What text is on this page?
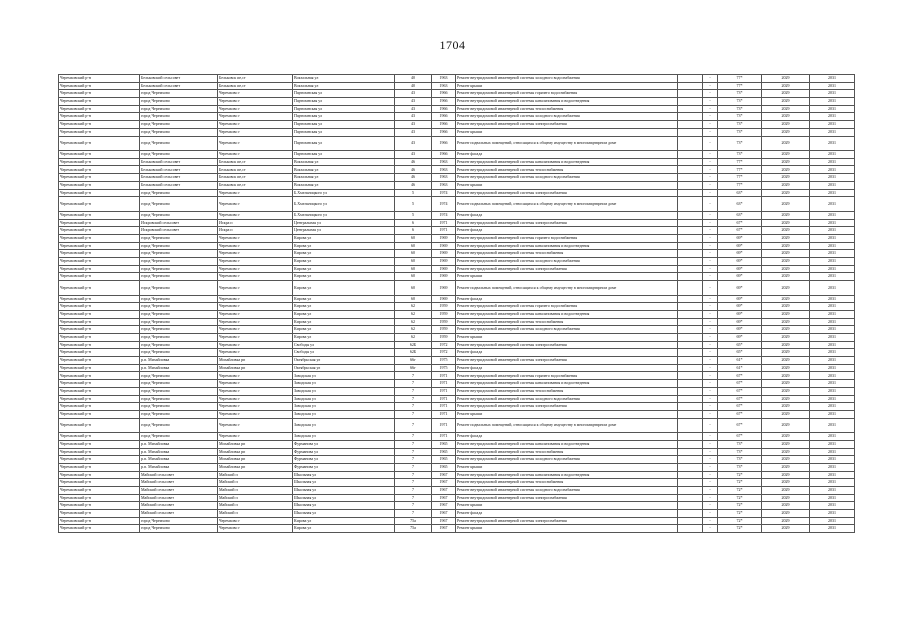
1704
Черемховский р-н	Бельковский сельсовет	Бельковск ие,ст	Вокзальная ул	40	1963	Ремонт внутридомовой инженерной системы холодного водоснабжения		-	77*	2029	2031
Черемховский р-н	Бельковский сельсовет	Бельковск ие,ст	Вокзальная ул	40	1963	Ремонт крыши		-	77*	2029	2031
Черемховский р-н	город Черемхово	Черемхово г	Партизанская ул	43	1966	Ремонт внутридомовой инженерной системы горячего водоснабжения		-	73*	2029	2031
Черемховский р-н	город Черемхово	Черемхово г	Партизанская ул	43	1966	Ремонт внутридомовой инженерной системы канализования и водоотведения		-	73*	2029	2031
Черемховский р-н	город Черемхово	Черемхово г	Партизанская ул	43	1966	Ремонт внутридомовой инженерной системы теплоснабжения		-	73*	2029	2031
Черемховский р-н	город Черемхово	Черемхово г	Партизанская ул	43	1966	Ремонт внутридомовой инженерной системы холодного водоснабжения		-	73*	2029	2031
Черемховский р-н	город Черемхово	Черемхово г	Партизанская ул	43	1966	Ремонт внутридомовой инженерной системы электроснабжения		-	73*	2029	2031
Черемховский р-н	город Черемхово	Черемхово г	Партизанская ул	43	1966	Ремонт крыши		-	73*	2029	2031
Черемховский р-н	город Черемхово	Черемхово г	Партизанская ул	43	1966	Ремонт подвальных помещений, относящихся к общему имуществу в многоквартирном доме		-	73*	2029	2031
Черемховский р-н	город Черемхово	Черемхово г	Партизанская ул	43	1966	Ремонт фасада		-	73*	2029	2031
Черемховский р-н	Бельковский сельсовет	Бельковск ие,ст	Вокзальная ул	46	1963	Ремонт внутридомовой инженерной системы канализования и водоотведения		-	77*	2029	2031
Черемховский р-н	Бельковский сельсовет	Бельковск ие,ст	Вокзальная ул	46	1963	Ремонт внутридомовой инженерной системы теплоснабжения		-	77*	2029	2031
Черемховский р-н	Бельковский сельсовет	Бельковск ие,ст	Вокзальная ул	46	1963	Ремонт внутридомовой инженерной системы холодного водоснабжения		-	77*	2029	2031
Черемховский р-н	Бельковский сельсовет	Бельковск ие,ст	Вокзальная ул	46	1963	Ремонт крыши		-	77*	2029	2031
Черемховский р-н	город Черемхово	Черемхово г	Б.Хмельницкого ул	5	1974	Ремонт внутридомовой инженерной системы электроснабжения		-	63*	2029	2031
Черемховский р-н	город Черемхово	Черемхово г	Б.Хмельницкого ул	5	1974	Ремонт подвальных помещений, относящихся к общему имуществу в многоквартирном доме		-	63*	2029	2031
Черемховский р-н	город Черемхово	Черемхово г	Б.Хмельницкого ул	5	1974	Ремонт фасада		-	63*	2029	2031
Черемховский р-н	Искровский сельсовет	Искра п	Центральная ул	6	1971	Ремонт внутридомовой инженерной системы электроснабжения		-	67*	2029	2031
Черемховский р-н	Искровский сельсовет	Искра п	Центральная ул	6	1971	Ремонт фасада		-	67*	2029	2031
Черемховский р-н	город Черемхово	Черемхово г	Кирова ул	60	1969	Ремонт внутридомовой инженерной системы горячего водоснабжения		-	69*	2029	2031
Черемховский р-н	город Черемхово	Черемхово г	Кирова ул	60	1969	Ремонт внутридомовой инженерной системы канализования и водоотведения		-	69*	2029	2031
Черемховский р-н	город Черемхово	Черемхово г	Кирова ул	60	1969	Ремонт внутридомовой инженерной системы теплоснабжения		-	69*	2029	2031
Черемховский р-н	город Черемхово	Черемхово г	Кирова ул	60	1969	Ремонт внутридомовой инженерной системы холодного водоснабжения		-	69*	2029	2031
Черемховский р-н	город Черемхово	Черемхово г	Кирова ул	60	1969	Ремонт внутридомовой инженерной системы электроснабжения		-	69*	2029	2031
Черемховский р-н	город Черемхово	Черемхово г	Кирова ул	60	1969	Ремонт крыши		-	69*	2029	2031
Черемховский р-н	город Черемхово	Черемхово г	Кирова ул	60	1969	Ремонт подвальных помещений, относящихся к общему имуществу в многоквартирном доме		-	69*	2029	2031
Черемховский р-н	город Черемхово	Черемхово г	Кирова ул	60	1969	Ремонт фасада		-	69*	2029	2031
Черемховский р-н	город Черемхово	Черемхово г	Кирова ул	62	1959	Ремонт внутридомовой инженерной системы горячего водоснабжения		-	69*	2029	2031
Черемховский р-н	город Черемхово	Черемхово г	Кирова ул	62	1959	Ремонт внутридомовой инженерной системы канализования и водоотведения		-	69*	2029	2031
Черемховский р-н	город Черемхово	Черемхово г	Кирова ул	62	1959	Ремонт внутридомовой инженерной системы теплоснабжения		-	69*	2029	2031
Черемховский р-н	город Черемхово	Черемхово г	Кирова ул	62	1959	Ремонт внутридомовой инженерной системы холодного водоснабжения		-	69*	2029	2031
Черемховский р-н	город Черемхово	Черемхово г	Кирова ул	62	1959	Ремонт крыши		-	69*	2029	2031
Черемховский р-н	город Черемхово	Черемхово г	Свободы ул	62Б	1972	Ремонт внутридомовой инженерной системы электроснабжения		-	65*	2029	2031
Черемховский р-н	город Черемхово	Черемхово г	Свободы ул	62Б	1972	Ремонт фасада		-	65*	2029	2031
Черемховский р-н	р.п. Михайловка	Михайловка рп	Октябрьская ул	66г	1975	Ремонт внутридомовой инженерной системы электроснабжения		-	61*	2029	2031
Черемховский р-н	р.п. Михайловка	Михайловка рп	Октябрьская ул	66г	1975	Ремонт фасада		-	61*	2029	2031
Черемховский р-н	город Черемхово	Черемхово г	Заводская ул	7	1971	Ремонт внутридомовой инженерной системы горячего водоснабжения		-	67*	2029	2031
Черемховский р-н	город Черемхово	Черемхово г	Заводская ул	7	1971	Ремонт внутридомовой инженерной системы канализования и водоотведения		-	67*	2029	2031
Черемховский р-н	город Черемхово	Черемхово г	Заводская ул	7	1971	Ремонт внутридомовой инженерной системы теплоснабжения		-	67*	2029	2031
Черемховский р-н	город Черемхово	Черемхово г	Заводская ул	7	1971	Ремонт внутридомовой инженерной системы холодного водоснабжения		-	67*	2029	2031
Черемховский р-н	город Черемхово	Черемхово г	Заводская ул	7	1971	Ремонт внутридомовой инженерной системы электроснабжения		-	67*	2029	2031
Черемховский р-н	город Черемхово	Черемхово г	Заводская ул	7	1971	Ремонт крыши		-	67*	2029	2031
Черемховский р-н	город Черемхово	Черемхово г	Заводская ул	7	1971	Ремонт подвальных помещений, относящихся к общему имуществу в многоквартирном доме		-	67*	2029	2031
Черемховский р-н	город Черемхово	Черемхово г	Заводская ул	7	1971	Ремонт фасада		-	67*	2029	2031
Черемховский р-н	р.п. Михайловка	Михайловка рп	Фурманова ул	7	1965	Ремонт внутридомовой инженерной системы канализования и водоотведения		-	73*	2029	2031
Черемховский р-н	р.п. Михайловка	Михайловка рп	Фурманова ул	7	1965	Ремонт внутридомовой инженерной системы теплоснабжения		-	73*	2029	2031
Черемховский р-н	р.п. Михайловка	Михайловка рп	Фурманова ул	7	1965	Ремонт внутридомовой инженерной системы холодного водоснабжения		-	73*	2029	2031
Черемховский р-н	р.п. Михайловка	Михайловка рп	Фурманова ул	7	1965	Ремонт крыши		-	73*	2029	2031
Черемховский р-н	Майский сельсовет	Майский п	Школьная ул	7	1967	Ремонт внутридомовой инженерной системы канализования и водоотведения		-	72*	2029	2031
Черемховский р-н	Майский сельсовет	Майский п	Школьная ул	7	1967	Ремонт внутридомовой инженерной системы теплоснабжения		-	72*	2029	2031
Черемховский р-н	Майский сельсовет	Майский п	Школьная ул	7	1967	Ремонт внутридомовой инженерной системы холодного водоснабжения		-	72*	2029	2031
Черемховский р-н	Майский сельсовет	Майский п	Школьная ул	7	1967	Ремонт внутридомовой инженерной системы электроснабжения		-	72*	2029	2031
Черемховский р-н	Майский сельсовет	Майский п	Школьная ул	7	1967	Ремонт крыши		-	72*	2029	2031
Черемховский р-н	Майский сельсовет	Майский п	Школьная ул	7	1967	Ремонт фасада		-	72*	2029	2031
Черемховский р-н	город Черемхово	Черемхово г	Кирова ул	75а	1967	Ремонт внутридомовой инженерной системы электроснабжения		-	72*	2029	2031
Черемховский р-н	город Черемхово	Черемхово г	Кирова ул	75а	1967	Ремонт крыши		-	72*	2029	2031
